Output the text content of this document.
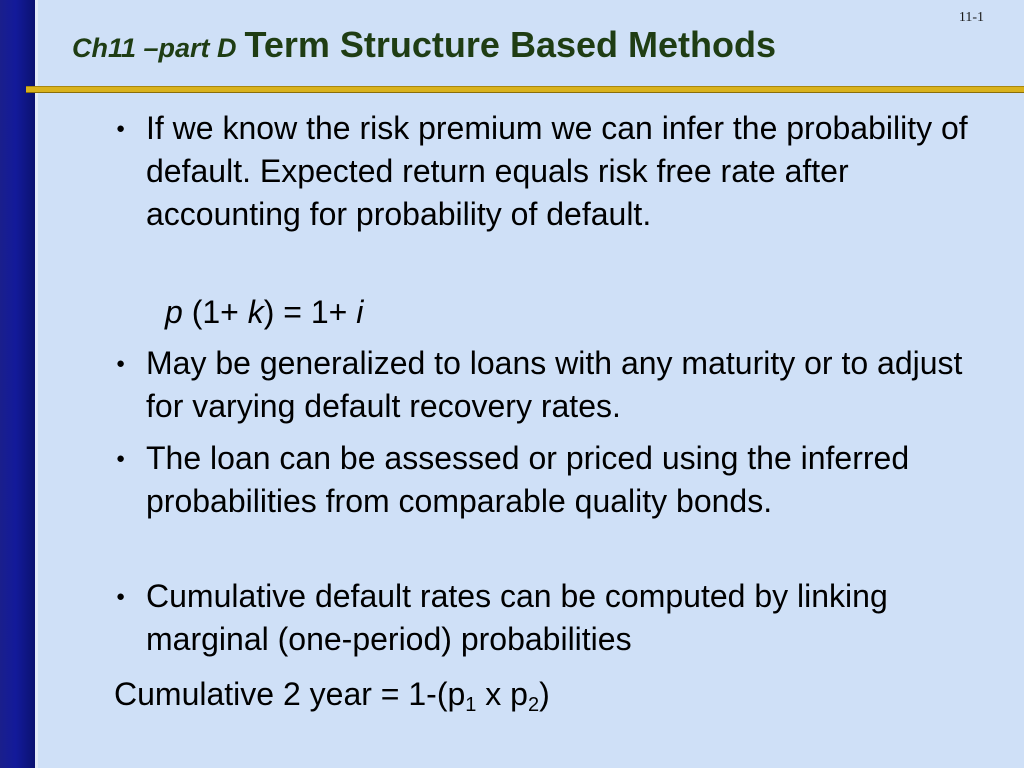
11-1
Ch11 –part D Term Structure Based Methods
● If we know the risk premium we can infer the probability of default. Expected return equals risk free rate after accounting for probability of default.
p (1+ k) = 1+ i
● May be generalized to loans with any maturity or to adjust for varying default recovery rates.
● The loan can be assessed or priced using the inferred probabilities from comparable quality bonds.
● Cumulative default rates can be computed by linking marginal (one-period) probabilities
Cumulative 2 year = $1-(p_1$ x $p_2$)
